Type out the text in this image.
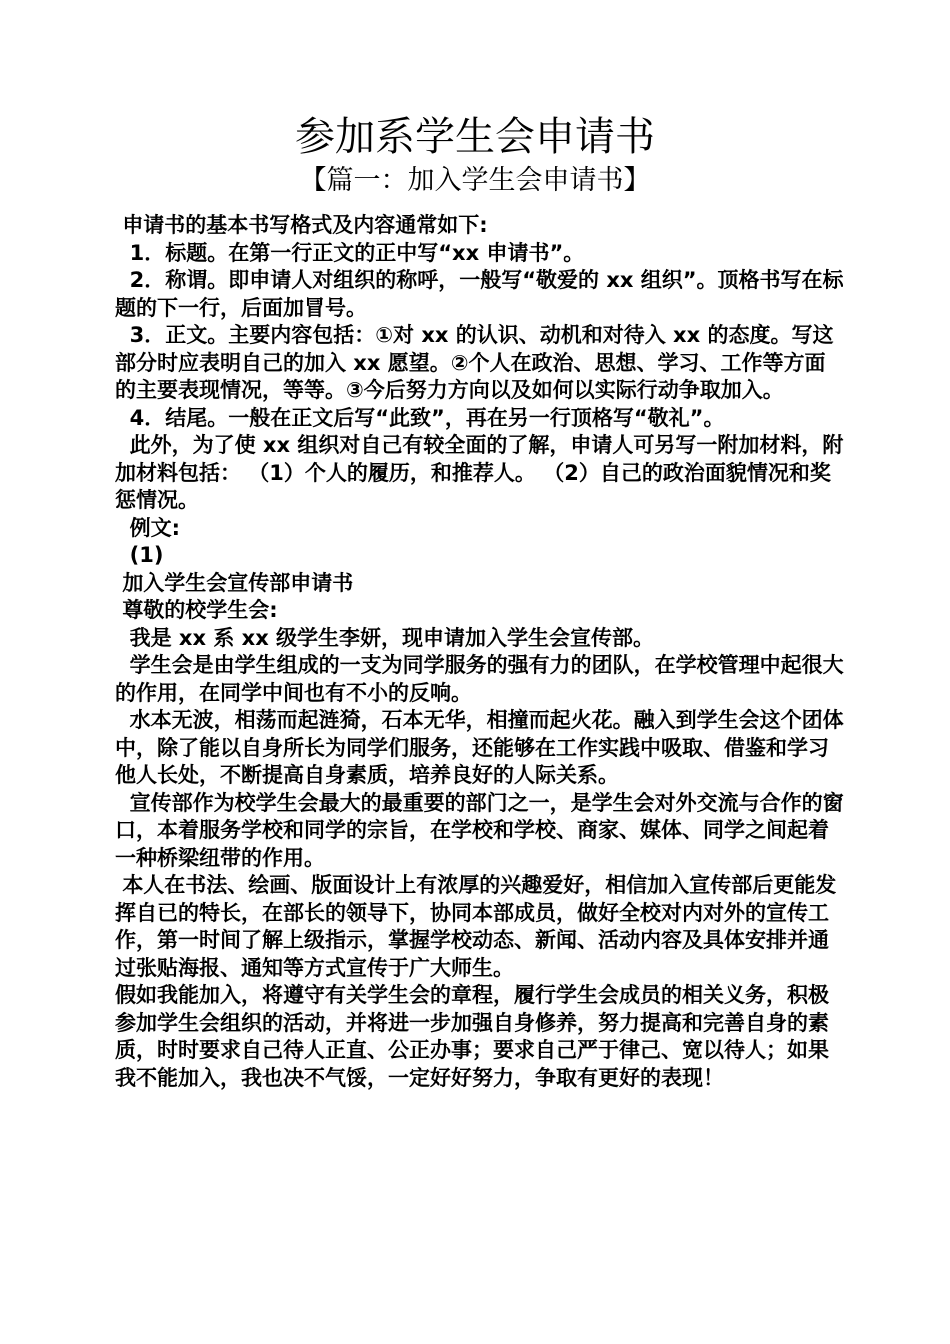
参加系学生会申请书
【篇一：加入学生会申请书】

申请书的基本书写格式及内容通常如下:

1．标题。在第一行正文的正中写“xx 申请书”。

2．称谓。即申请人对组织的称呼，一般写“敬爱的 xx 组织”。顶格书写在标题的下一行，后面加冒号。

3．正文。主要内容包括：①对 xx 的认识、动机和对待入 xx 的态度。写这部分时应表明自己的加入 xx 愿望。②个人在政治、思想、学习、工作等方面的主要表现情况，等等。③今后努力方向以及如何以实际行动争取加入。

4．结尾。一般在正文后写“此致”，再在另一行顶格写“敬礼”。

此外，为了使 xx 组织对自己有较全面的了解，申请人可另写一附加材料，附加材料包括： （1）个人的履历，和推荐人。 （2）自己的政治面貌情况和奖惩情况。

例文:

(1)

加入学生会宣传部申请书

尊敬的校学生会:

我是 xx 系 xx 级学生李妍，现申请加入学生会宣传部。

学生会是由学生组成的一支为同学服务的强有力的团队，在学校管理中起很大的作用，在同学中间也有不小的反响。

水本无波，相荡而起涟猗，石本无华，相撞而起火花。融入到学生会这个团体中，除了能以自身所长为同学们服务，还能够在工作实践中吸取、借鉴和学习他人长处，不断提高自身素质，培养良好的人际关系。

宣传部作为校学生会最大的最重要的部门之一，是学生会对外交流与合作的窗口，本着服务学校和同学的宗旨，在学校和学校、商家、媒体、同学之间起着一种桥梁纽带的作用。

本人在书法、绘画、版面设计上有浓厚的兴趣爱好，相信加入宣传部后更能发挥自已的特长，在部长的领导下，协同本部成员，做好全校对内对外的宣传工作，第一时间了解上级指示，掌握学校动态、新闻、活动内容及具体安排并通过张贴海报、通知等方式宣传于广大师生。

假如我能加入，将遵守有关学生会的章程，履行学生会成员的相关义务，积极参加学生会组织的活动，并将进一步加强自身修养，努力提高和完善自身的素质，时时要求自己待人正直、公正办事；要求自己严于律己、宽以待人；如果我不能加入，我也决不气馁，一定好好努力，争取有更好的表现！
